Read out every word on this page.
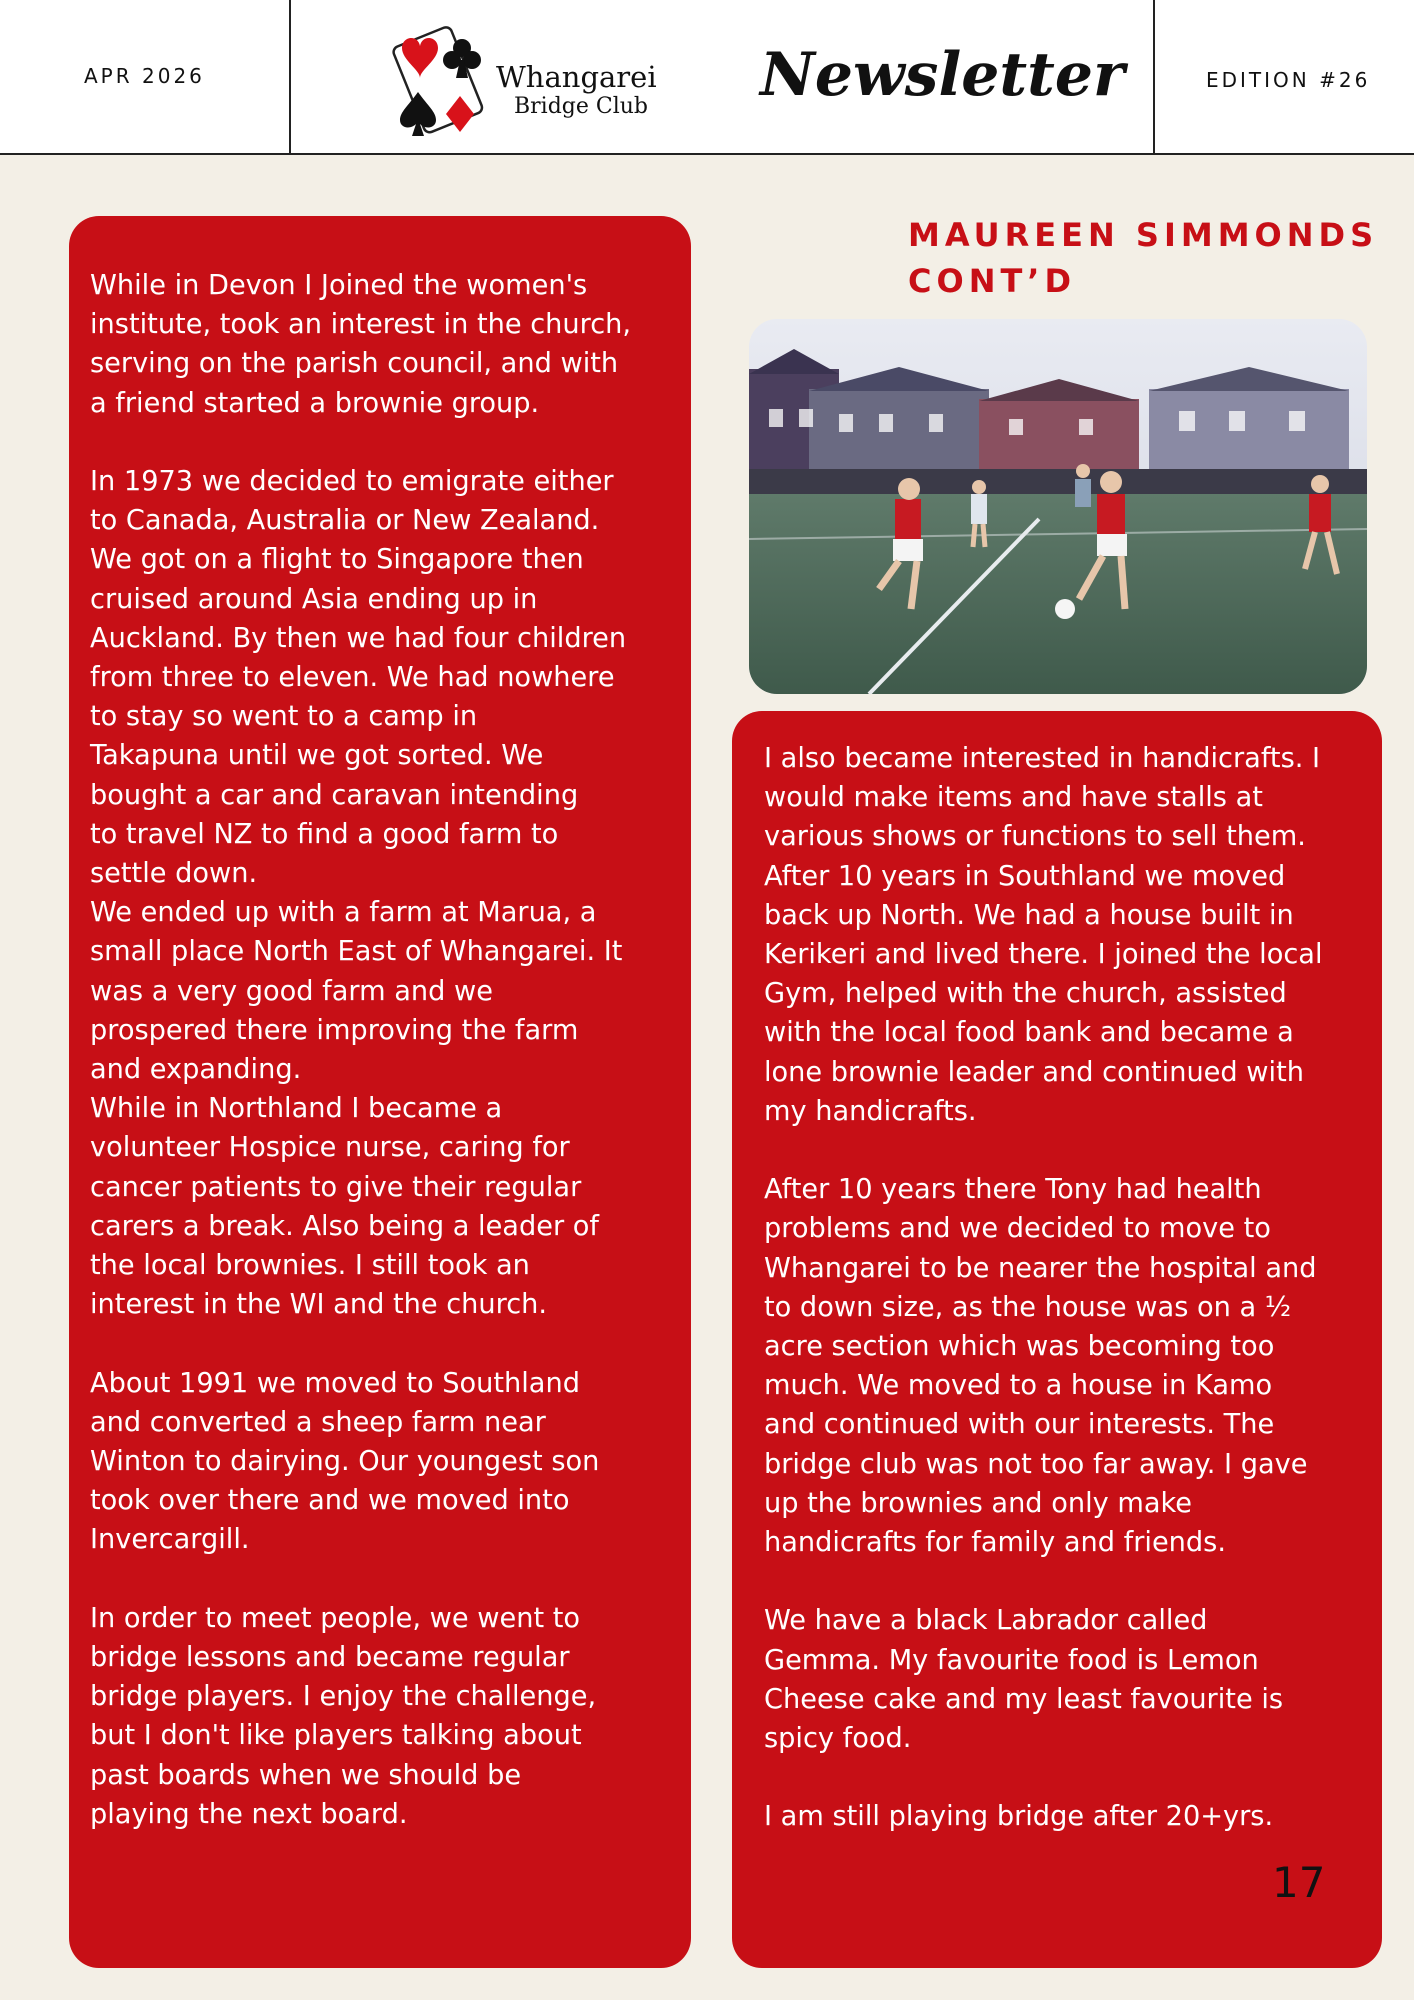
APR 2026	Whangarei
Bridge Club Newsletter	EDITION #26

While in Devon I Joined the women's
institute, took an interest in the church,
serving on the parish council, and with
a friend started a brownie group.

In 1973 we decided to emigrate either
to Canada, Australia or New Zealand.
We got on a flight to Singapore then
cruised around Asia ending up in
Auckland. By then we had four children
from three to eleven. We had nowhere
to stay so went to a camp in
Takapuna until we got sorted. We
bought a car and caravan intending
to travel NZ to find a good farm to
settle down.
We ended up with a farm at Marua, a
small place North East of Whangarei. It
was a very good farm and we
prospered there improving the farm
and expanding.
While in Northland I became a
volunteer Hospice nurse, caring for
cancer patients to give their regular
carers a break. Also being a leader of
the local brownies. I still took an
interest in the WI and the church.

About 1991 we moved to Southland
and converted a sheep farm near
Winton to dairying. Our youngest son
took over there and we moved into
Invercargill.

In order to meet people, we went to
bridge lessons and became regular
bridge players. I enjoy the challenge,
but I don't like players talking about
past boards when we should be
playing the next board.

MAUREEN SIMMONDS
CONT’D

I also became interested in handicrafts. I
would make items and have stalls at
various shows or functions to sell them.
After 10 years in Southland we moved
back up North. We had a house built in
Kerikeri and lived there. I joined the local
Gym, helped with the church, assisted
with the local food bank and became a
lone brownie leader and continued with
my handicrafts.

After 10 years there Tony had health
problems and we decided to move to
Whangarei to be nearer the hospital and
to down size, as the house was on a ½
acre section which was becoming too
much. We moved to a house in Kamo
and continued with our interests. The
bridge club was not too far away. I gave
up the brownies and only make
handicrafts for family and friends.

We have a black Labrador called
Gemma. My favourite food is Lemon
Cheese cake and my least favourite is
spicy food.

I am still playing bridge after 20+yrs.

17
